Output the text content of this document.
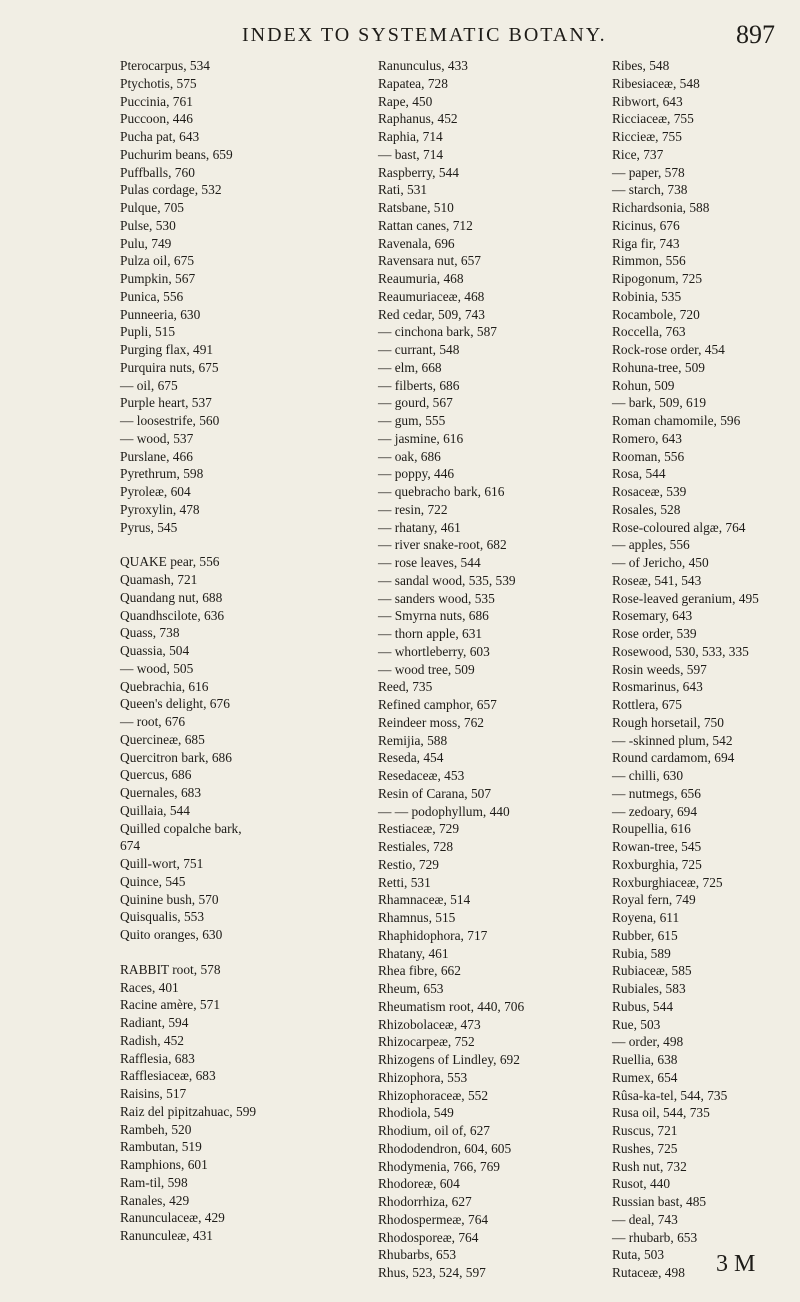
INDEX TO SYSTEMATIC BOTANY.	897
Pterocarpus, 534
Ptychotis, 575
Puccinia, 761
Puccoon, 446
Pucha pat, 643
Puchurim beans, 659
Puffballs, 760
Pulas cordage, 532
Pulque, 705
Pulse, 530
Pulu, 749
Pulza oil, 675
Pumpkin, 567
Punica, 556
Punneeria, 630
Pupli, 515
Purging flax, 491
Purquira nuts, 675
— oil, 675
Purple heart, 537
— loosestrife, 560
— wood, 537
Purslane, 466
Pyrethrum, 598
Pyroleæ, 604
Pyroxylin, 478
Pyrus, 545
QUAKE pear, 556
Quamash, 721
Quandang nut, 688
Quandhscilote, 636
Quass, 738
Quassia, 504
— wood, 505
Quebrachia, 616
Queen's delight, 676
— root, 676
Quercineæ, 685
Quercitron bark, 686
Quercus, 686
Quernales, 683
Quillaia, 544
Quilled copalche bark,
674
Quill-wort, 751
Quince, 545
Quinine bush, 570
Quisqualis, 553
Quito oranges, 630
RABBIT root, 578
Races, 401
Racine amère, 571
Radiant, 594
Radish, 452
Rafflesia, 683
Rafflesiaceæ, 683
Raisins, 517
Raiz del pipitzahuac, 599
Rambeh, 520
Rambutan, 519
Ramphions, 601
Ram-til, 598
Ranales, 429
Ranunculaceæ, 429
Ranunculeæ, 431
Ranunculus, 433
Rapatea, 728
Rape, 450
Raphanus, 452
Raphia, 714
— bast, 714
Raspberry, 544
Rati, 531
Ratsbane, 510
Rattan canes, 712
Ravenala, 696
Ravensara nut, 657
Reaumuria, 468
Reaumuriaceæ, 468
Red cedar, 509, 743
— cinchona bark, 587
— currant, 548
— elm, 668
— filberts, 686
— gourd, 567
— gum, 555
— jasmine, 616
— oak, 686
— poppy, 446
— quebracho bark, 616
— resin, 722
— rhatany, 461
— river snake-root, 682
— rose leaves, 544
— sandal wood, 535, 539
— sanders wood, 535
— Smyrna nuts, 686
— thorn apple, 631
— whortleberry, 603
— wood tree, 509
Reed, 735
Refined camphor, 657
Reindeer moss, 762
Remijia, 588
Reseda, 454
Resedaceæ, 453
Resin of Carana, 507
— — podophyllum, 440
Restiaceæ, 729
Restiales, 728
Restio, 729
Retti, 531
Rhamnaceæ, 514
Rhamnus, 515
Rhaphidophora, 717
Rhatany, 461
Rhea fibre, 662
Rheum, 653
Rheumatism root, 440, 706
Rhizobolaceæ, 473
Rhizocarpeæ, 752
Rhizogens of Lindley, 692
Rhizophora, 553
Rhizophoraceæ, 552
Rhodiola, 549
Rhodium, oil of, 627
Rhododendron, 604, 605
Rhodymenia, 766, 769
Rhodoreæ, 604
Rhodorrhiza, 627
Rhodospermeæ, 764
Rhodosporeæ, 764
Rhubarbs, 653
Rhus, 523, 524, 597
Ribes, 548
Ribesiaceæ, 548
Ribwort, 643
Ricciaceæ, 755
Riccieæ, 755
Rice, 737
— paper, 578
— starch, 738
Richardsonia, 588
Ricinus, 676
Riga fir, 743
Rimmon, 556
Ripogonum, 725
Robinia, 535
Rocambole, 720
Roccella, 763
Rock-rose order, 454
Rohuna-tree, 509
Rohun, 509
— bark, 509, 619
Roman chamomile, 596
Romero, 643
Rooman, 556
Rosa, 544
Rosaceæ, 539
Rosales, 528
Rose-coloured algæ, 764
— apples, 556
— of Jericho, 450
Roseæ, 541, 543
Rose-leaved geranium, 495
Rosemary, 643
Rose order, 539
Rosewood, 530, 533, 335
Rosin weeds, 597
Rosmarinus, 643
Rottlera, 675
Rough horsetail, 750
— -skinned plum, 542
Round cardamom, 694
— chilli, 630
— nutmegs, 656
— zedoary, 694
Roupellia, 616
Rowan-tree, 545
Roxburghia, 725
Roxburghiaceæ, 725
Royal fern, 749
Royena, 611
Rubber, 615
Rubia, 589
Rubiaceæ, 585
Rubiales, 583
Rubus, 544
Rue, 503
— order, 498
Ruellia, 638
Rumex, 654
Rûsa-ka-tel, 544, 735
Rusa oil, 544, 735
Ruscus, 721
Rushes, 725
Rush nut, 732
Rusot, 440
Russian bast, 485
— deal, 743
— rhubarb, 653
Ruta, 503
Rutaceæ, 498	3 M
